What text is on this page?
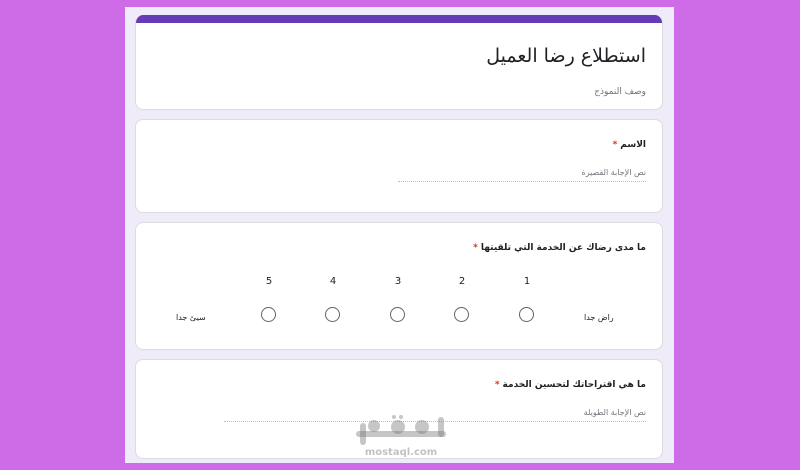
استطلاع رضا العميل
وصف النموذج
الاسم*
نص الإجابة القصيرة
ما مدى رضاك عن الخدمة التي تلقيتها*
1
2
3
4
5
راض جدا
سيئ جدا
ما هي اقتراحاتك لتحسين الخدمة*
نص الإجابة الطويلة
mostaql.com
